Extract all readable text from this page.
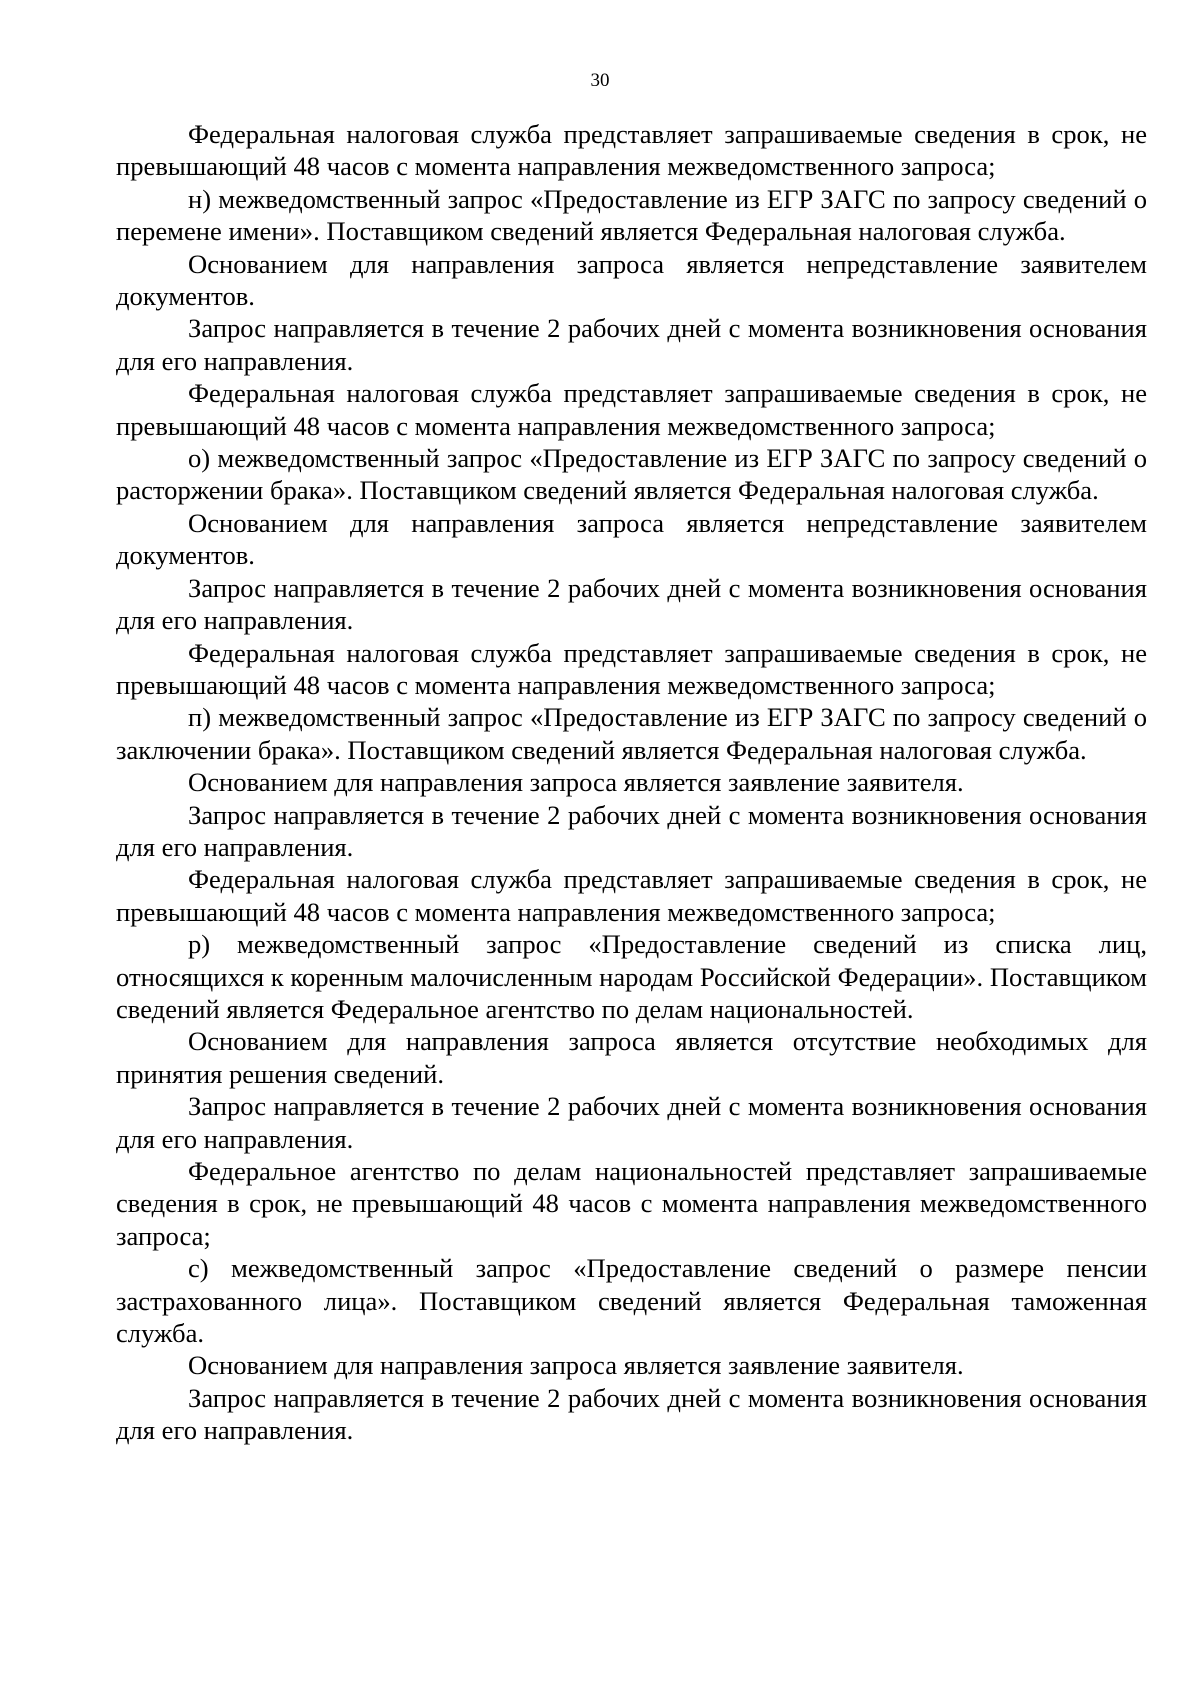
30

Федеральная налоговая служба представляет запрашиваемые сведения в срок, не превышающий 48 часов с момента направления межведомственного запроса;

н) межведомственный запрос «Предоставление из ЕГР ЗАГС по запросу сведений о перемене имени». Поставщиком сведений является Федеральная налоговая служба.

Основанием для направления запроса является непредставление заявителем документов.

Запрос направляется в течение 2 рабочих дней с момента возникновения основания для его направления.

Федеральная налоговая служба представляет запрашиваемые сведения в срок, не превышающий 48 часов с момента направления межведомственного запроса;

о) межведомственный запрос «Предоставление из ЕГР ЗАГС по запросу сведений о расторжении брака». Поставщиком сведений является Федеральная налоговая служба.

Основанием для направления запроса является непредставление заявителем документов.

Запрос направляется в течение 2 рабочих дней с момента возникновения основания для его направления.

Федеральная налоговая служба представляет запрашиваемые сведения в срок, не превышающий 48 часов с момента направления межведомственного запроса;

п) межведомственный запрос «Предоставление из ЕГР ЗАГС по запросу сведений о заключении брака». Поставщиком сведений является Федеральная налоговая служба.

Основанием для направления запроса является заявление заявителя.

Запрос направляется в течение 2 рабочих дней с момента возникновения основания для его направления.

Федеральная налоговая служба представляет запрашиваемые сведения в срок, не превышающий 48 часов с момента направления межведомственного запроса;

р) межведомственный запрос «Предоставление сведений из списка лиц, относящихся к коренным малочисленным народам Российской Федерации». Поставщиком сведений является Федеральное агентство по делам национальностей.

Основанием для направления запроса является отсутствие необходимых для принятия решения сведений.

Запрос направляется в течение 2 рабочих дней с момента возникновения основания для его направления.

Федеральное агентство по делам национальностей представляет запрашиваемые сведения в срок, не превышающий 48 часов с момента направления межведомственного запроса;

с) межведомственный запрос «Предоставление сведений о размере пенсии застрахованного лица». Поставщиком сведений является Федеральная таможенная служба.

Основанием для направления запроса является заявление заявителя.

Запрос направляется в течение 2 рабочих дней с момента возникновения основания для его направления.
